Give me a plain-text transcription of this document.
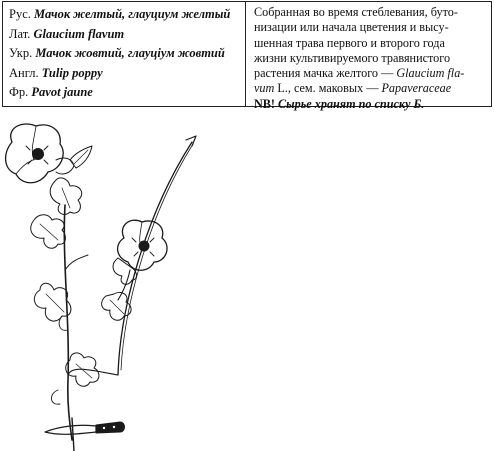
Рус. Мачок желтый, глауциум желтый
Лат. Glaucium flavum
Укр. Мачок жовтий, глауцiум жовтий
Англ. Tulip poppy
Фр. Pavot jaune
Собранная во время стеблевания, буто-
низации или начала цветения и высу-
шенная трава первого и второго года
жизни культивируемого травянистого
растения мачка желтого — Glaucium fla-
vum L., сем. маковых — Papaveraceae
NB! Сырье хранят по списку Б.
